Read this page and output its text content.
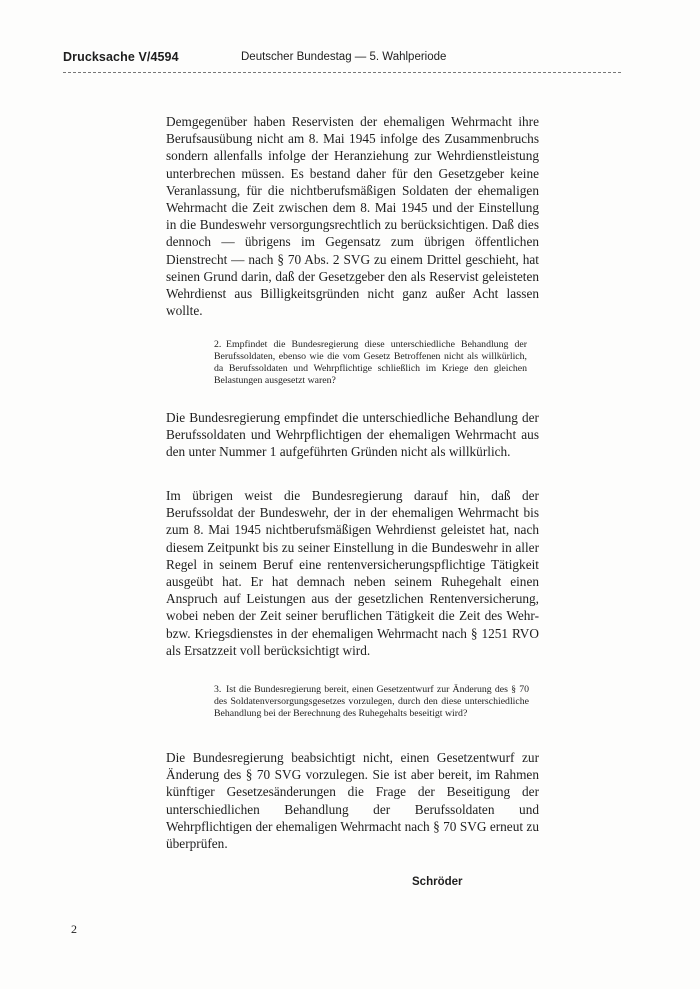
Drucksache V/4594	Deutscher Bundestag — 5. Wahlperiode

Demgegenüber haben Reservisten der ehemaligen Wehrmacht ihre Berufsausübung nicht am 8. Mai 1945 infolge des Zusammenbruchs sondern allenfalls infolge der Heranziehung zur Wehrdienstleistung unterbrechen müssen. Es bestand daher für den Gesetzgeber keine Veranlassung, für die nichtberufsmäßigen Soldaten der ehemaligen Wehrmacht die Zeit zwischen dem 8. Mai 1945 und der Einstellung in die Bundeswehr versorgungsrechtlich zu berücksichtigen. Daß dies dennoch — übrigens im Gegensatz zum übrigen öffentlichen Dienstrecht — nach § 70 Abs. 2 SVG zu einem Drittel geschieht, hat seinen Grund darin, daß der Gesetzgeber den als Reservist geleisteten Wehrdienst aus Billigkeitsgründen nicht ganz außer Acht lassen wollte.

2. Empfindet die Bundesregierung diese unterschiedliche Behandlung der Berufssoldaten, ebenso wie die vom Gesetz Betroffenen nicht als willkürlich, da Berufssoldaten und Wehrpflichtige schließlich im Kriege den gleichen Belastungen ausgesetzt waren?

Die Bundesregierung empfindet die unterschiedliche Behandlung der Berufssoldaten und Wehrpflichtigen der ehemaligen Wehrmacht aus den unter Nummer 1 aufgeführten Gründen nicht als willkürlich.

Im übrigen weist die Bundesregierung darauf hin, daß der Berufssoldat der Bundeswehr, der in der ehemaligen Wehrmacht bis zum 8. Mai 1945 nichtberufsmäßigen Wehrdienst geleistet hat, nach diesem Zeitpunkt bis zu seiner Einstellung in die Bundeswehr in aller Regel in seinem Beruf eine rentenversicherungspflichtige Tätigkeit ausgeübt hat. Er hat demnach neben seinem Ruhegehalt einen Anspruch auf Leistungen aus der gesetzlichen Rentenversicherung, wobei neben der Zeit seiner beruflichen Tätigkeit die Zeit des Wehr- bzw. Kriegsdienstes in der ehemaligen Wehrmacht nach § 1251 RVO als Ersatzzeit voll berücksichtigt wird.

3. Ist die Bundesregierung bereit, einen Gesetzentwurf zur Änderung des § 70 des Soldatenversorgungsgesetzes vorzulegen, durch den diese unterschiedliche Behandlung bei der Berechnung des Ruhegehalts beseitigt wird?

Die Bundesregierung beabsichtigt nicht, einen Gesetzentwurf zur Änderung des § 70 SVG vorzulegen. Sie ist aber bereit, im Rahmen künftiger Gesetzesänderungen die Frage der Beseitigung der unterschiedlichen Behandlung der Berufssoldaten und Wehrpflichtigen der ehemaligen Wehrmacht nach § 70 SVG erneut zu überprüfen.

Schröder
2
